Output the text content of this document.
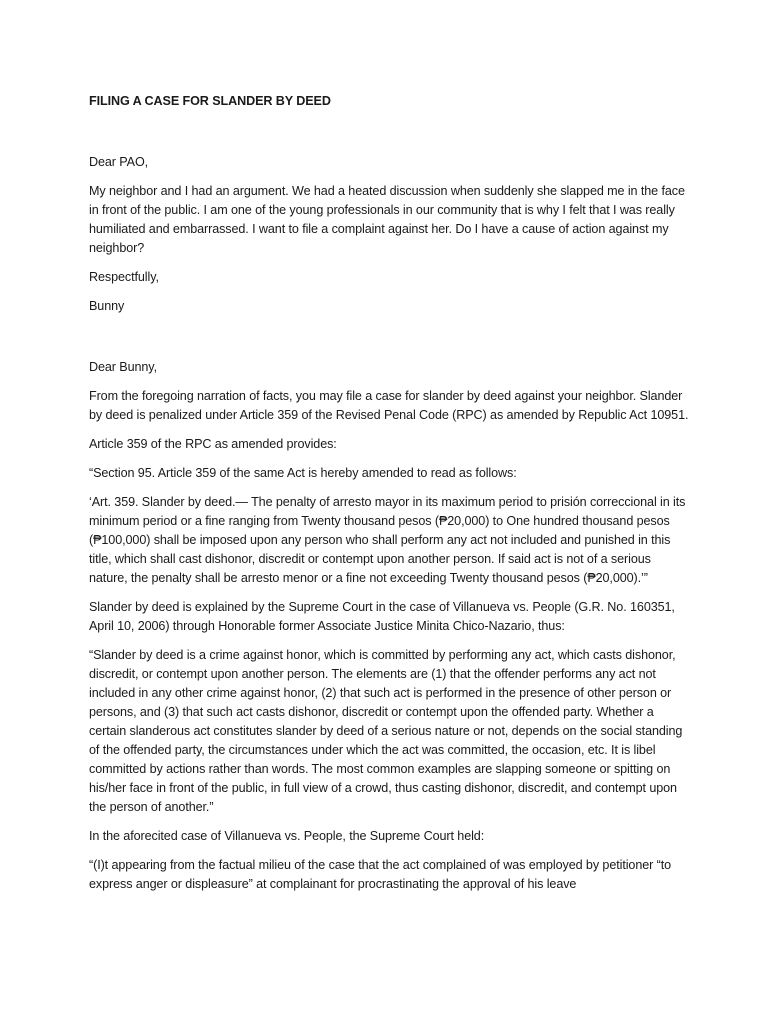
FILING A CASE FOR SLANDER BY DEED

Dear PAO,

My neighbor and I had an argument. We had a heated discussion when suddenly she slapped me in the face in front of the public. I am one of the young professionals in our community that is why I felt that I was really humiliated and embarrassed. I want to file a complaint against her. Do I have a cause of action against my neighbor?

Respectfully,

Bunny

Dear Bunny,

From the foregoing narration of facts, you may file a case for slander by deed against your neighbor. Slander by deed is penalized under Article 359 of the Revised Penal Code (RPC) as amended by Republic Act 10951.

Article 359 of the RPC as amended provides:

“Section 95. Article 359 of the same Act is hereby amended to read as follows:

‘Art. 359. Slander by deed.— The penalty of arresto mayor in its maximum period to prisión correccional in its minimum period or a fine ranging from Twenty thousand pesos (₱20,000) to One hundred thousand pesos (₱100,000) shall be imposed upon any person who shall perform any act not included and punished in this title, which shall cast dishonor, discredit or contempt upon another person. If said act is not of a serious nature, the penalty shall be arresto menor or a fine not exceeding Twenty thousand pesos (₱20,000).’”

Slander by deed is explained by the Supreme Court in the case of Villanueva vs. People (G.R. No. 160351, April 10, 2006) through Honorable former Associate Justice Minita Chico-Nazario, thus:

“Slander by deed is a crime against honor, which is committed by performing any act, which casts dishonor, discredit, or contempt upon another person. The elements are (1) that the offender performs any act not included in any other crime against honor, (2) that such act is performed in the presence of other person or persons, and (3) that such act casts dishonor, discredit or contempt upon the offended party. Whether a certain slanderous act constitutes slander by deed of a serious nature or not, depends on the social standing of the offended party, the circumstances under which the act was committed, the occasion, etc. It is libel committed by actions rather than words. The most common examples are slapping someone or spitting on his/her face in front of the public, in full view of a crowd, thus casting dishonor, discredit, and contempt upon the person of another.”

In the aforecited case of Villanueva vs. People, the Supreme Court held:

“(I)t appearing from the factual milieu of the case that the act complained of was employed by petitioner “to express anger or displeasure” at complainant for procrastinating the approval of his leave
